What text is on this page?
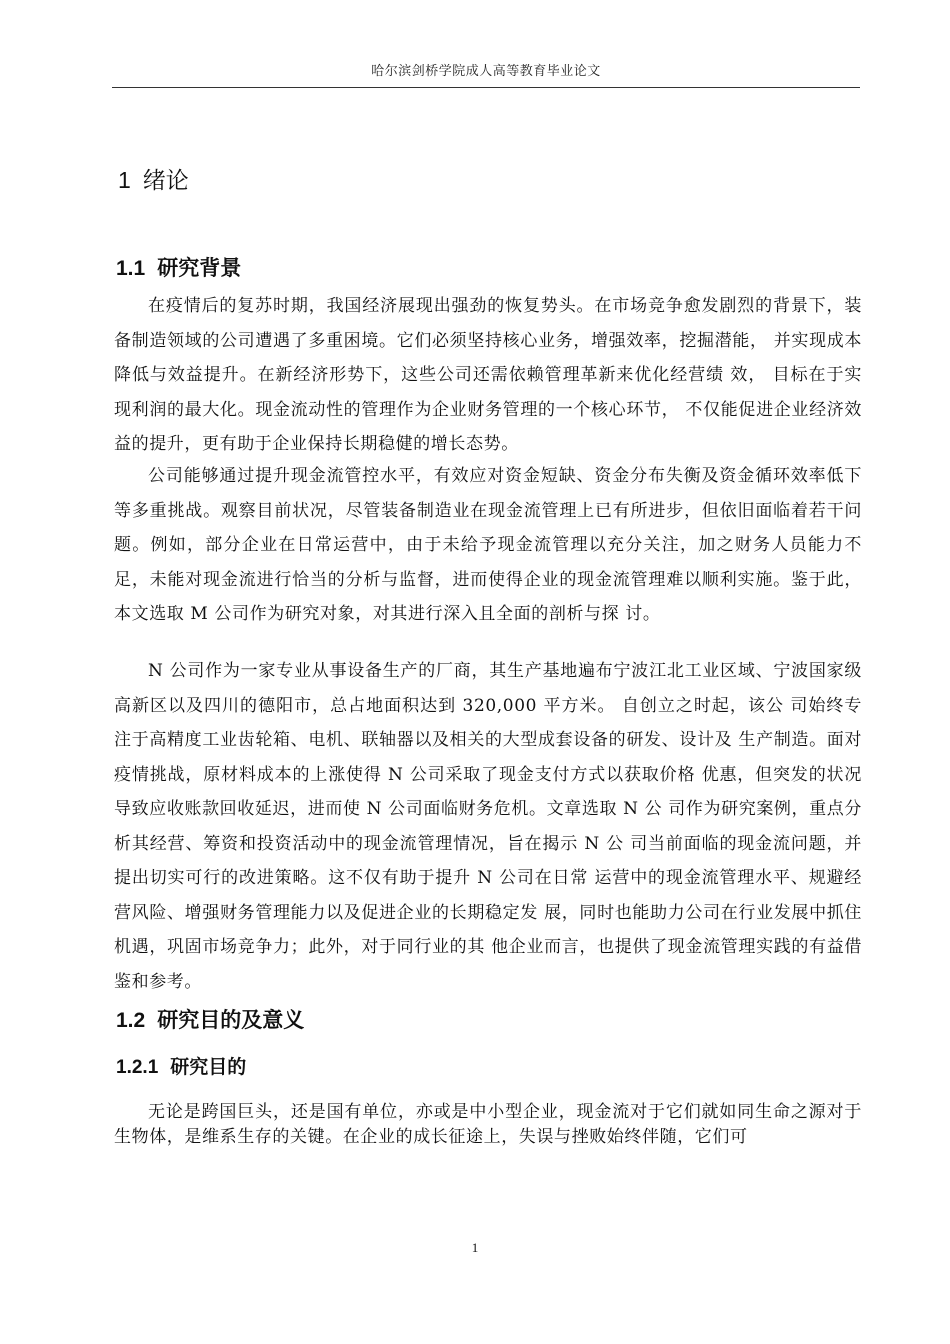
哈尔滨剑桥学院成人高等教育毕业论文
1 绪论
1.1 研究背景

在疫情后的复苏时期，我国经济展现出强劲的恢复势头。在市场竞争愈发剧烈的背景下，装备制造领域的公司遭遇了多重困境。它们必须坚持核心业务，增强效率，挖掘潜能， 并实现成本降低与效益提升。在新经济形势下，这些公司还需依赖管理革新来优化经营绩 效， 目标在于实现利润的最大化。现金流动性的管理作为企业财务管理的一个核心环节， 不仅能促进企业经济效益的提升，更有助于企业保持长期稳健的增长态势。

公司能够通过提升现金流管控水平，有效应对资金短缺、资金分布失衡及资金循环效率低下等多重挑战。观察目前状况，尽管装备制造业在现金流管理上已有所进步，但依旧面临着若干问题。例如，部分企业在日常运营中，由于未给予现金流管理以充分关注，加之财务人员能力不足，未能对现金流进行恰当的分析与监督，进而使得企业的现金流管理难以顺利实施。鉴于此，本文选取 M 公司作为研究对象，对其进行深入且全面的剖析与探 讨。

N 公司作为一家专业从事设备生产的厂商，其生产基地遍布宁波江北工业区域、宁波国家级高新区以及四川的德阳市，总占地面积达到 320,000 平方米。 自创立之时起，该公 司始终专注于高精度工业齿轮箱、电机、联轴器以及相关的大型成套设备的研发、设计及 生产制造。面对疫情挑战，原材料成本的上涨使得 N 公司采取了现金支付方式以获取价格 优惠，但突发的状况导致应收账款回收延迟，进而使 N 公司面临财务危机。文章选取 N 公 司作为研究案例，重点分析其经营、筹资和投资活动中的现金流管理情况，旨在揭示 N 公 司当前面临的现金流问题，并提出切实可行的改进策略。这不仅有助于提升 N 公司在日常 运营中的现金流管理水平、规避经营风险、增强财务管理能力以及促进企业的长期稳定发 展，同时也能助力公司在行业发展中抓住机遇，巩固市场竞争力；此外，对于同行业的其 他企业而言，也提供了现金流管理实践的有益借鉴和参考。

1.2 研究目的及意义
1.2.1 研究目的

无论是跨国巨头，还是国有单位，亦或是中小型企业，现金流对于它们就如同生命之源对于生物体，是维系生存的关键。在企业的成长征途上，失误与挫败始终伴随，它们可

1
